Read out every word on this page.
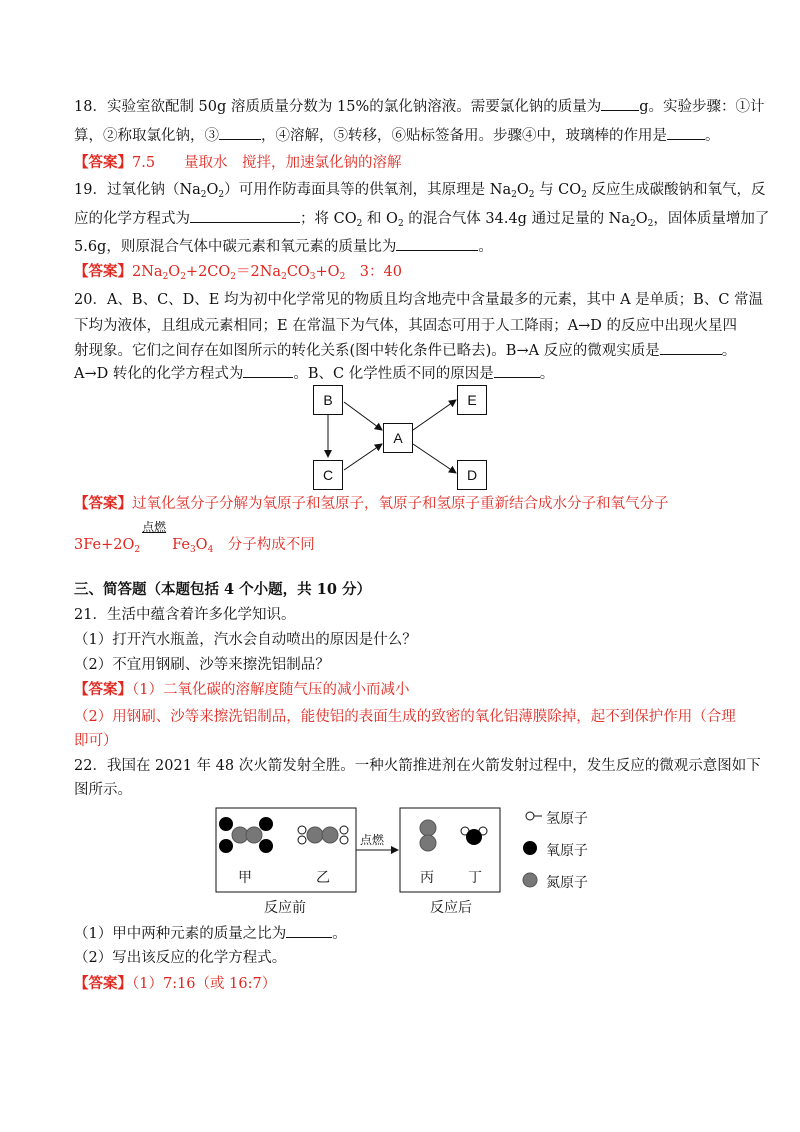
18．实验室欲配制 50g 溶质质量分数为 15%的氯化钠溶液。需要氯化钠的质量为	g。实验步骤：①计
算，②称取氯化钠，③	，④溶解，⑤转移，⑥贴标签备用。步骤④中，玻璃棒的作用是	。
【答案】7.5　　量取水　搅拌，加速氯化钠的溶解
19．过氧化钠$(Na_2O_2)$可用作防毒面具等的供氧剂，其原理是 $Na_2O_2$ 与 $CO_2$ 反应生成碳酸钠和氧气，反
应的化学方程式为	；将 $CO_2$ 和 $O_2$ 的混合气体 34.4g 通过足量的 $Na_2O_2$，固体质量增加了
5.6g，则原混合气体中碳元素和氧元素的质量比为	。
【答案】$2Na_2O_2+2CO_2=2Na_2CO_3+O_2$　3：40
20．A、B、C、D、E 均为初中化学常见的物质且均含地壳中含量最多的元素，其中 A 是单质；B、C 常温
下均为液体，且组成元素相同；E 在常温下为气体，其固态可用于人工降雨；A→D 的反应中出现火星四
射现象。它们之间存在如图所示的转化关系(图中转化条件已略去)。B→A 反应的微观实质是	。
A→D 转化的化学方程式为	。B、C 化学性质不同的原因是	。
B
A
C
E
D
【答案】过氧化氢分子分解为氧原子和氢原子，氧原子和氢原子重新结合成水分子和氧气分子
$3Fe+2O_2$
点燃
$Fe_3O_4$　分子构成不同
三、简答题（本题包括 4 个小题，共 10 分）
21．生活中蕴含着许多化学知识。
（1）打开汽水瓶盖，汽水会自动喷出的原因是什么？
（2）不宜用钢刷、沙等来擦洗铝制品？
【答案】（1）二氧化碳的溶解度随气压的减小而减小
（2）用钢刷、沙等来擦洗铝制品，能使铝的表面生成的致密的氧化铝薄膜除掉，起不到保护作用（合理
即可）
22．我国在 2021 年 48 次火箭发射全胜。一种火箭推进剂在火箭发射过程中，发生反应的微观示意图如下
图所示。
甲	乙	丙 丁
点燃
反应前	反应后
氢原子
氧原子
氮原子
（1）甲中两种元素的质量之比为	。
（2）写出该反应的化学方程式。
【答案】（1）7:16（或 16:7）
